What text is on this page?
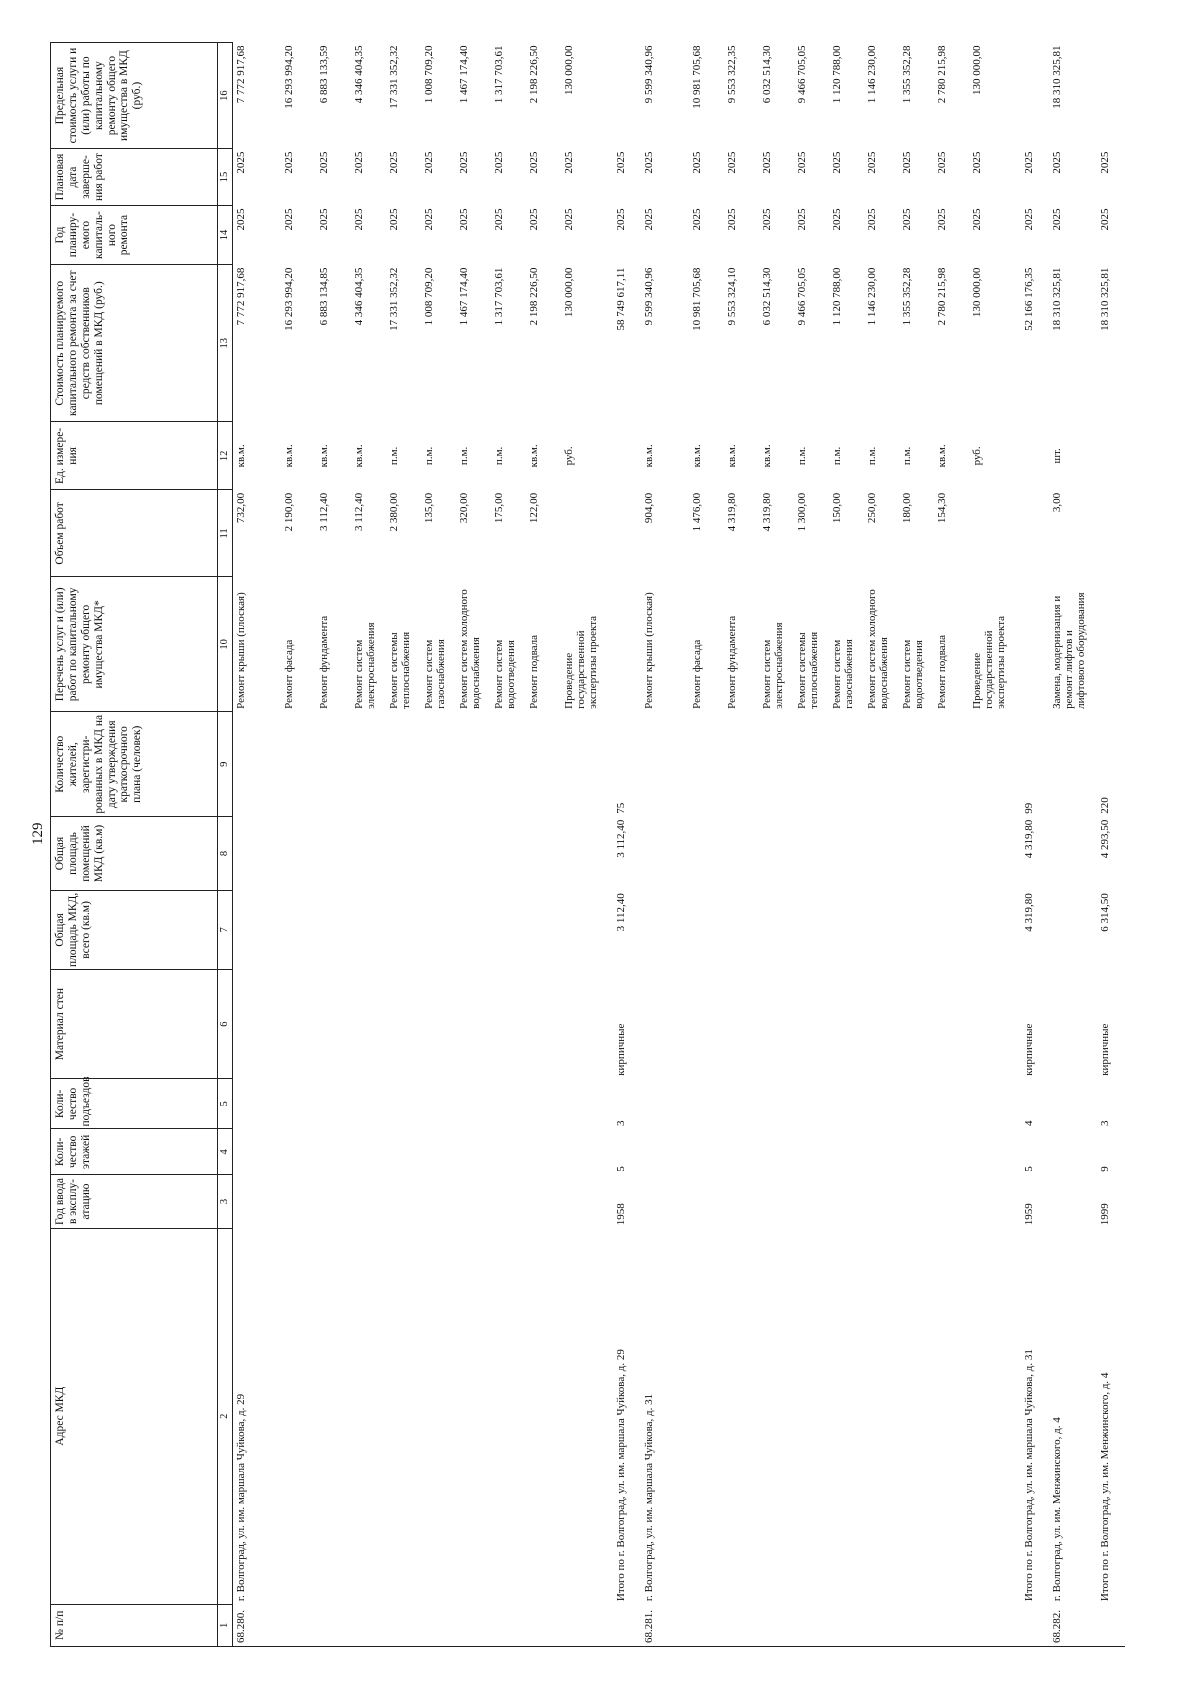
129
№ п/п	Адрес МКД	Год ввода в эксплу- атацию	Коли- чество этажей	Коли- чество подъездов	Материал стен	Общая площадь МКД, всего (кв.м)	Общая площадь помещений МКД (кв.м)	Количество жителей, зарегистри- рованных в МКД на дату утверждения краткосрочного плана (человек)	Перечень услуг и (или) работ по капитальному ремонту общего имущества МКД*	Объем работ	Ед. измере- ния	Стоимость планируемого капитального ремонта за счет средств собственников помещений в МКД (руб.)	Год планиру- емого капиталь- ного ремонта	Плановая дата заверше- ния работ	Предельная стоимость услуги и (или) работы по капитальному ремонту общего имущества в МКД (руб.)
1	2	3	4	5	6	7	8	9	10	11	12	13	14	15	16
68.280.	г. Волгоград, ул. им. маршала Чуйкова, д. 29								Ремонт крыши (плоская)	732,00	кв.м.	7 772 917,68	2025	2025	7 772 917,68
									Ремонт фасада	2 190,00	кв.м.	16 293 994,20	2025	2025	16 293 994,20
									Ремонт фундамента	3 112,40	кв.м.	6 883 134,85	2025	2025	6 883 133,59
									Ремонт систем электроснабжения	3 112,40	кв.м.	4 346 404,35	2025	2025	4 346 404,35
									Ремонт системы теплоснабжения	2 380,00	п.м.	17 331 352,32	2025	2025	17 331 352,32
									Ремонт систем газоснабжения	135,00	п.м.	1 008 709,20	2025	2025	1 008 709,20
									Ремонт систем холодного водоснабжения	320,00	п.м.	1 467 174,40	2025	2025	1 467 174,40
									Ремонт систем водоотведения	175,00	п.м.	1 317 703,61	2025	2025	1 317 703,61
									Ремонт подвала	122,00	кв.м.	2 198 226,50	2025	2025	2 198 226,50
									Проведение государственной экспертизы проекта		руб.	130 000,00	2025	2025	130 000,00
	Итого по г. Волгоград, ул. им. маршала Чуйкова, д. 29	1958	5	3	кирпичные	3 112,40	3 112,40	75				58 749 617,11	2025	2025	
68.281.	г. Волгоград, ул. им. маршала Чуйкова, д. 31								Ремонт крыши (плоская)	904,00	кв.м.	9 599 340,96	2025	2025	9 599 340,96
									Ремонт фасада	1 476,00	кв.м.	10 981 705,68	2025	2025	10 981 705,68
									Ремонт фундамента	4 319,80	кв.м.	9 553 324,10	2025	2025	9 553 322,35
									Ремонт систем электроснабжения	4 319,80	кв.м.	6 032 514,30	2025	2025	6 032 514,30
									Ремонт системы теплоснабжения	1 300,00	п.м.	9 466 705,05	2025	2025	9 466 705,05
									Ремонт систем газоснабжения	150,00	п.м.	1 120 788,00	2025	2025	1 120 788,00
									Ремонт систем холодного водоснабжения	250,00	п.м.	1 146 230,00	2025	2025	1 146 230,00
									Ремонт систем водоотведения	180,00	п.м.	1 355 352,28	2025	2025	1 355 352,28
									Ремонт подвала	154,30	кв.м.	2 780 215,98	2025	2025	2 780 215,98
									Проведение государственной экспертизы проекта		руб.	130 000,00	2025	2025	130 000,00
	Итого по г. Волгоград, ул. им. маршала Чуйкова, д. 31	1959	5	4	кирпичные	4 319,80	4 319,80	99				52 166 176,35	2025	2025	
68.282.	г. Волгоград, ул. им. Менжинского, д. 4								Замена, модернизация и ремонт лифтов и лифтового оборудования	3,00	шт.	18 310 325,81	2025	2025	18 310 325,81
	Итого по г. Волгоград, ул. им. Менжинского, д. 4	1999	9	3	кирпичные	6 314,50	4 293,50	220				18 310 325,81	2025	2025	
